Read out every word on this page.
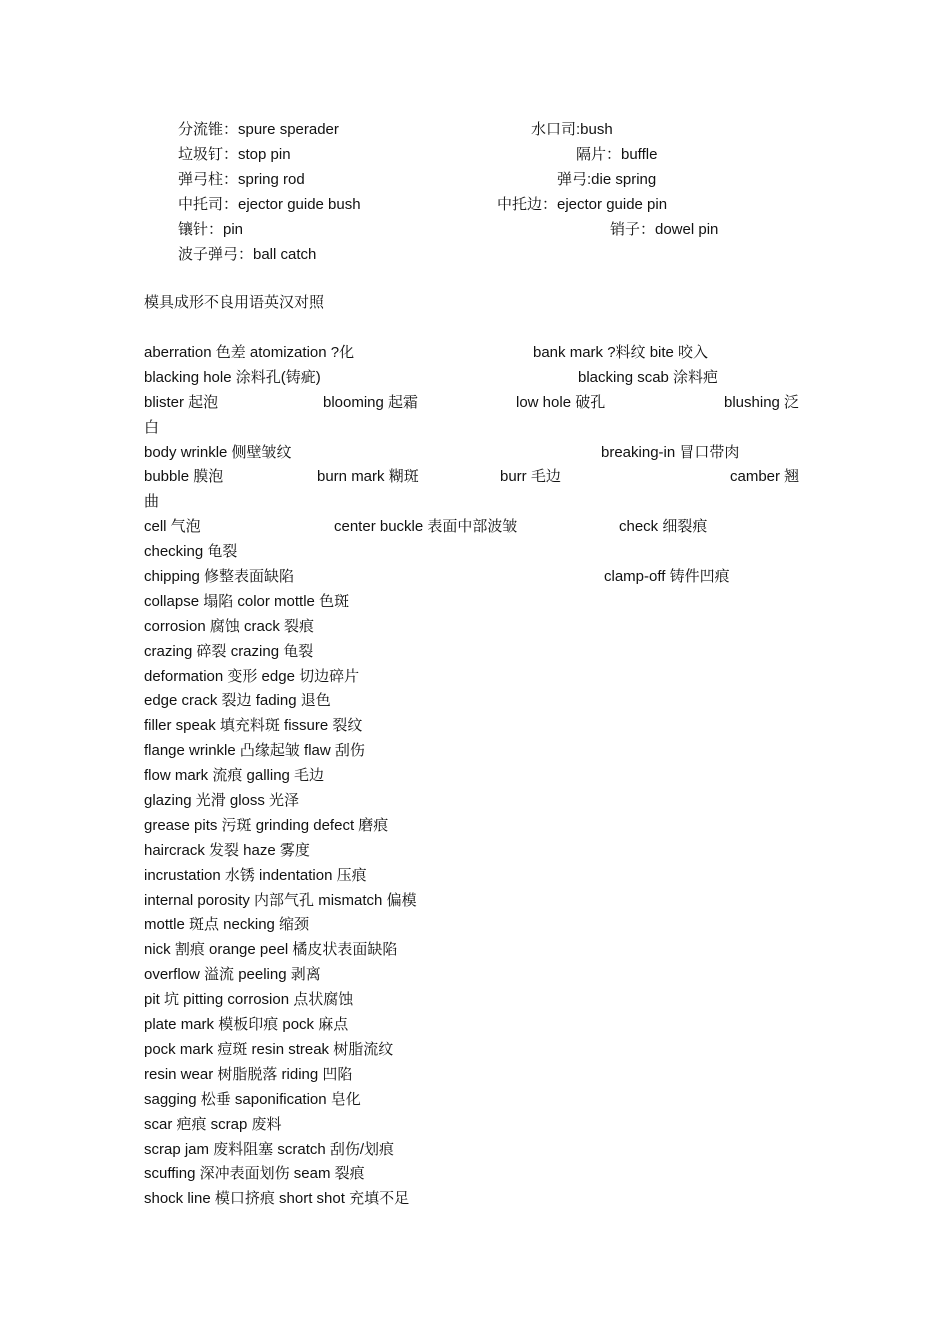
分流锥：spure sperader	水口司:bush
垃圾钉：stop pin	隔片：buffle
弹弓柱：spring rod	弹弓:die spring
中托司：ejector guide bush	中托边：ejector guide pin
镶针：pin	销子：dowel pin
波子弹弓：ball catch
模具成形不良用语英汉对照
aberration 色差 atomization ?化	bank mark ?料纹 bite 咬入
blacking hole 涂料孔(铸疵)	blacking scab 涂料疤
blister 起泡	blooming 起霜	low hole 破孔	blushing 泛
白
body wrinkle 侧壁皱纹	breaking-in 冒口带肉
bubble 膜泡	burn mark 糊斑	burr 毛边	camber 翘
曲
cell 气泡	center buckle 表面中部波皱	check 细裂痕
checking 龟裂
chipping 修整表面缺陷	clamp-off 铸件凹痕
collapse 塌陷 color mottle 色斑
corrosion 腐蚀 crack 裂痕
crazing 碎裂 crazing 龟裂
deformation 变形 edge 切边碎片
edge crack 裂边 fading 退色
filler speak 填充料斑 fissure 裂纹
flange wrinkle 凸缘起皱 flaw 刮伤
flow mark 流痕 galling 毛边
glazing 光滑 gloss 光泽
grease pits 污斑 grinding defect 磨痕
haircrack 发裂 haze 雾度
incrustation 水锈 indentation 压痕
internal porosity 内部气孔 mismatch 偏模
mottle 斑点 necking 缩颈
nick 割痕 orange peel 橘皮状表面缺陷
overflow 溢流 peeling 剥离
pit 坑 pitting corrosion 点状腐蚀
plate mark 模板印痕 pock 麻点
pock mark 痘斑 resin streak 树脂流纹
resin wear 树脂脱落 riding 凹陷
sagging 松垂 saponification 皂化
scar 疤痕 scrap 废料
scrap jam 废料阻塞 scratch 刮伤/划痕
scuffing 深冲表面划伤 seam 裂痕
shock line 模口挤痕 short shot 充填不足
